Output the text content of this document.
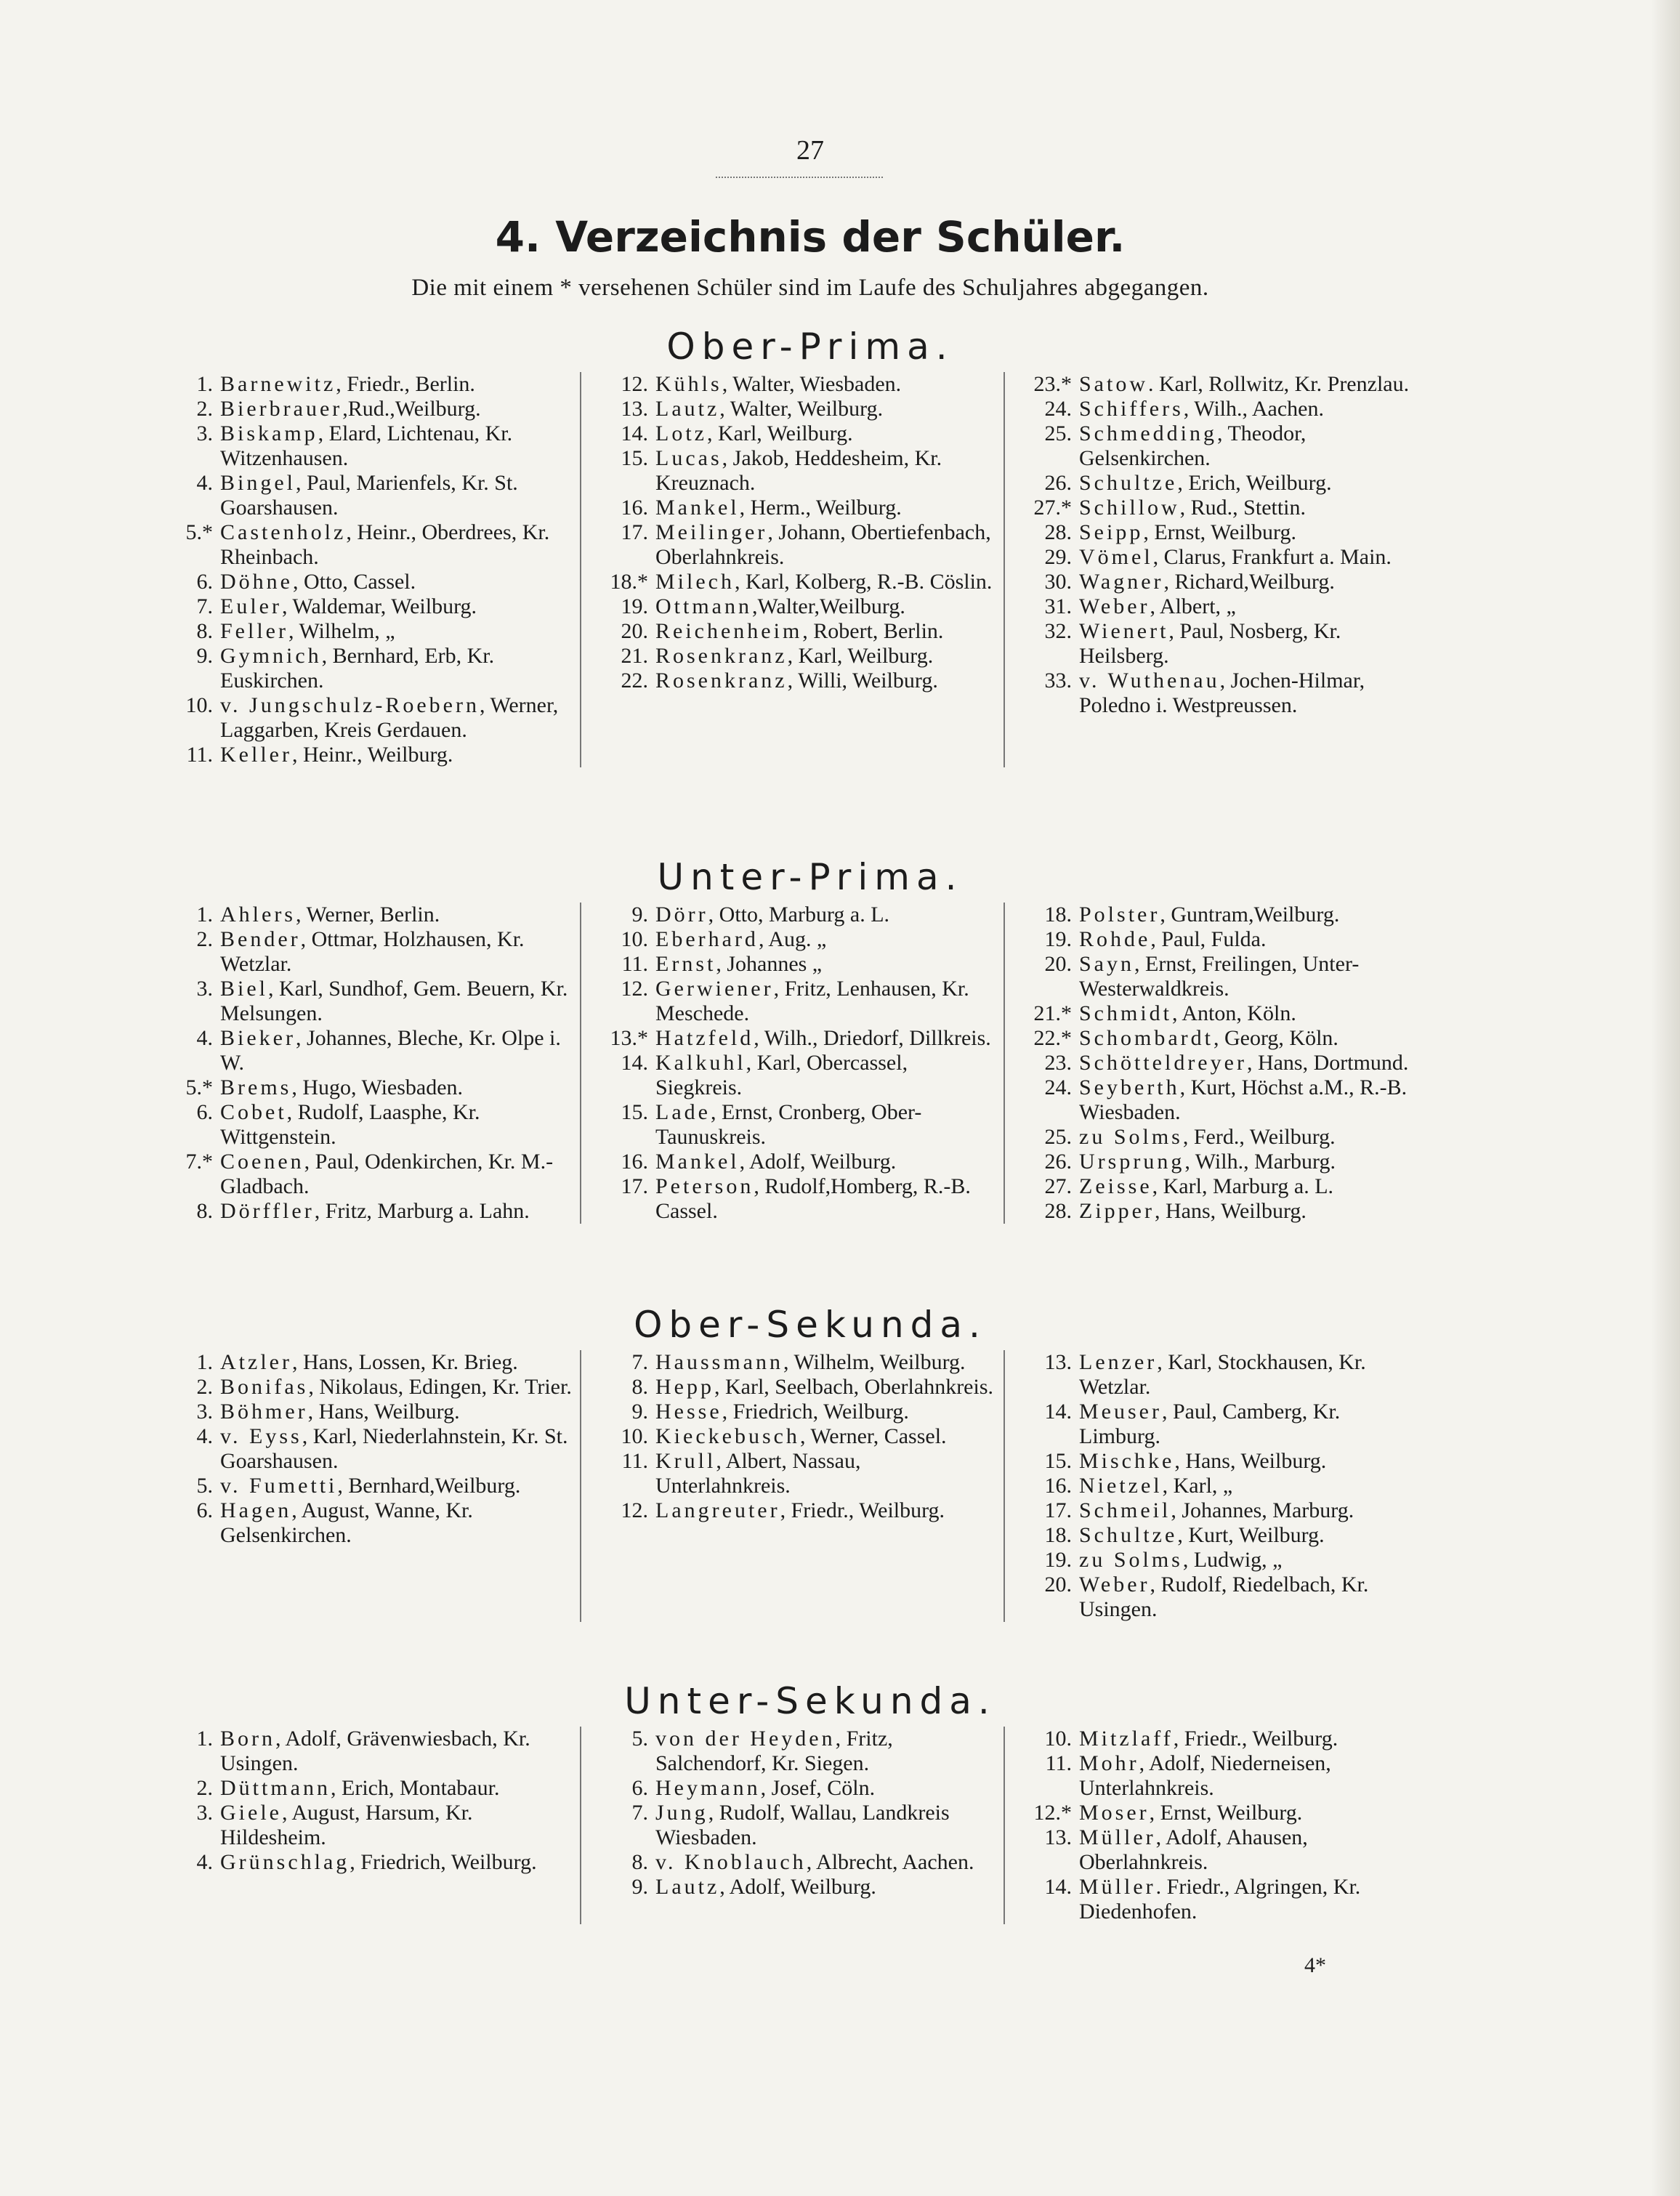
27
4. Verzeichnis der Schüler.
Die mit einem * versehenen Schüler sind im Laufe des Schuljahres abgegangen.
Ober-Prima.
1. Barnewitz, Friedr., Berlin.
2. Bierbrauer,Rud.,Weilburg.
3. Biskamp, Elard, Lichtenau, Kr. Witzenhausen.
4. Bingel, Paul, Marienfels, Kr. St. Goarshausen.
5.* Castenholz, Heinr., Oberdrees, Kr. Rheinbach.
6. Döhne, Otto, Cassel.
7. Euler, Waldemar, Weilburg.
8. Feller, Wilhelm, „
9. Gymnich, Bernhard, Erb, Kr. Euskirchen.
10. v. Jungschulz-Roebern, Werner, Laggarben, Kreis Gerdauen.
11. Keller, Heinr., Weilburg.
12. Kühls, Walter, Wiesbaden.
13. Lautz, Walter, Weilburg.
14. Lotz, Karl, Weilburg.
15. Lucas, Jakob, Heddesheim, Kr. Kreuznach.
16. Mankel, Herm., Weilburg.
17. Meilinger, Johann, Obertiefenbach, Oberlahnkreis.
18.* Milech, Karl, Kolberg, R.-B. Cöslin.
19. Ottmann,Walter,Weilburg.
20. Reichenheim, Robert, Berlin.
21. Rosenkranz, Karl, Weilburg.
22. Rosenkranz, Willi, Weilburg.
23.* Satow. Karl, Rollwitz, Kr. Prenzlau.
24. Schiffers, Wilh., Aachen.
25. Schmedding, Theodor, Gelsenkirchen.
26. Schultze, Erich, Weilburg.
27.* Schillow, Rud., Stettin.
28. Seipp, Ernst, Weilburg.
29. Vömel, Clarus, Frankfurt a. Main.
30. Wagner, Richard,Weilburg.
31. Weber, Albert, „
32. Wienert, Paul, Nosberg, Kr. Heilsberg.
33. v. Wuthenau, Jochen-Hilmar, Poledno i. Westpreussen.
Unter-Prima.
1. Ahlers, Werner, Berlin.
2. Bender, Ottmar, Holzhausen, Kr. Wetzlar.
3. Biel, Karl, Sundhof, Gem. Beuern, Kr. Melsungen.
4. Bieker, Johannes, Bleche, Kr. Olpe i. W.
5.* Brems, Hugo, Wiesbaden.
6. Cobet, Rudolf, Laasphe, Kr. Wittgenstein.
7.* Coenen, Paul, Odenkirchen, Kr. M.-Gladbach.
8. Dörffler, Fritz, Marburg a. Lahn.
9. Dörr, Otto, Marburg a. L.
10. Eberhard, Aug. „
11. Ernst, Johannes „
12. Gerwiener, Fritz, Lenhausen, Kr. Meschede.
13.* Hatzfeld, Wilh., Driedorf, Dillkreis.
14. Kalkuhl, Karl, Obercassel, Siegkreis.
15. Lade, Ernst, Cronberg, Ober-Taunuskreis.
16. Mankel, Adolf, Weilburg.
17. Peterson, Rudolf,Homberg, R.-B. Cassel.
18. Polster, Guntram,Weilburg.
19. Rohde, Paul, Fulda.
20. Sayn, Ernst, Freilingen, Unter-Westerwaldkreis.
21.* Schmidt, Anton, Köln.
22.* Schombardt, Georg, Köln.
23. Schötteldreyer, Hans, Dortmund.
24. Seyberth, Kurt, Höchst a.M., R.-B. Wiesbaden.
25. zu Solms, Ferd., Weilburg.
26. Ursprung, Wilh., Marburg.
27. Zeisse, Karl, Marburg a. L.
28. Zipper, Hans, Weilburg.
Ober-Sekunda.
1. Atzler, Hans, Lossen, Kr. Brieg.
2. Bonifas, Nikolaus, Edingen, Kr. Trier.
3. Böhmer, Hans, Weilburg.
4. v. Eyss, Karl, Niederlahnstein, Kr. St. Goarshausen.
5. v. Fumetti, Bernhard,Weilburg.
6. Hagen, August, Wanne, Kr. Gelsenkirchen.
7. Haussmann, Wilhelm, Weilburg.
8. Hepp, Karl, Seelbach, Oberlahnkreis.
9. Hesse, Friedrich, Weilburg.
10. Kieckebusch, Werner, Cassel.
11. Krull, Albert, Nassau, Unterlahnkreis.
12. Langreuter, Friedr., Weilburg.
13. Lenzer, Karl, Stockhausen, Kr. Wetzlar.
14. Meuser, Paul, Camberg, Kr. Limburg.
15. Mischke, Hans, Weilburg.
16. Nietzel, Karl, „
17. Schmeil, Johannes, Marburg.
18. Schultze, Kurt, Weilburg.
19. zu Solms, Ludwig, „
20. Weber, Rudolf, Riedelbach, Kr. Usingen.
Unter-Sekunda.
1. Born, Adolf, Grävenwiesbach, Kr. Usingen.
2. Düttmann, Erich, Montabaur.
3. Giele, August, Harsum, Kr. Hildesheim.
4. Grünschlag, Friedrich, Weilburg.
5. von der Heyden, Fritz, Salchendorf, Kr. Siegen.
6. Heymann, Josef, Cöln.
7. Jung, Rudolf, Wallau, Landkreis Wiesbaden.
8. v. Knoblauch, Albrecht, Aachen.
9. Lautz, Adolf, Weilburg.
10. Mitzlaff, Friedr., Weilburg.
11. Mohr, Adolf, Niederneisen, Unterlahnkreis.
12.* Moser, Ernst, Weilburg.
13. Müller, Adolf, Ahausen, Oberlahnkreis.
14. Müller. Friedr., Algringen, Kr. Diedenhofen.
4*
